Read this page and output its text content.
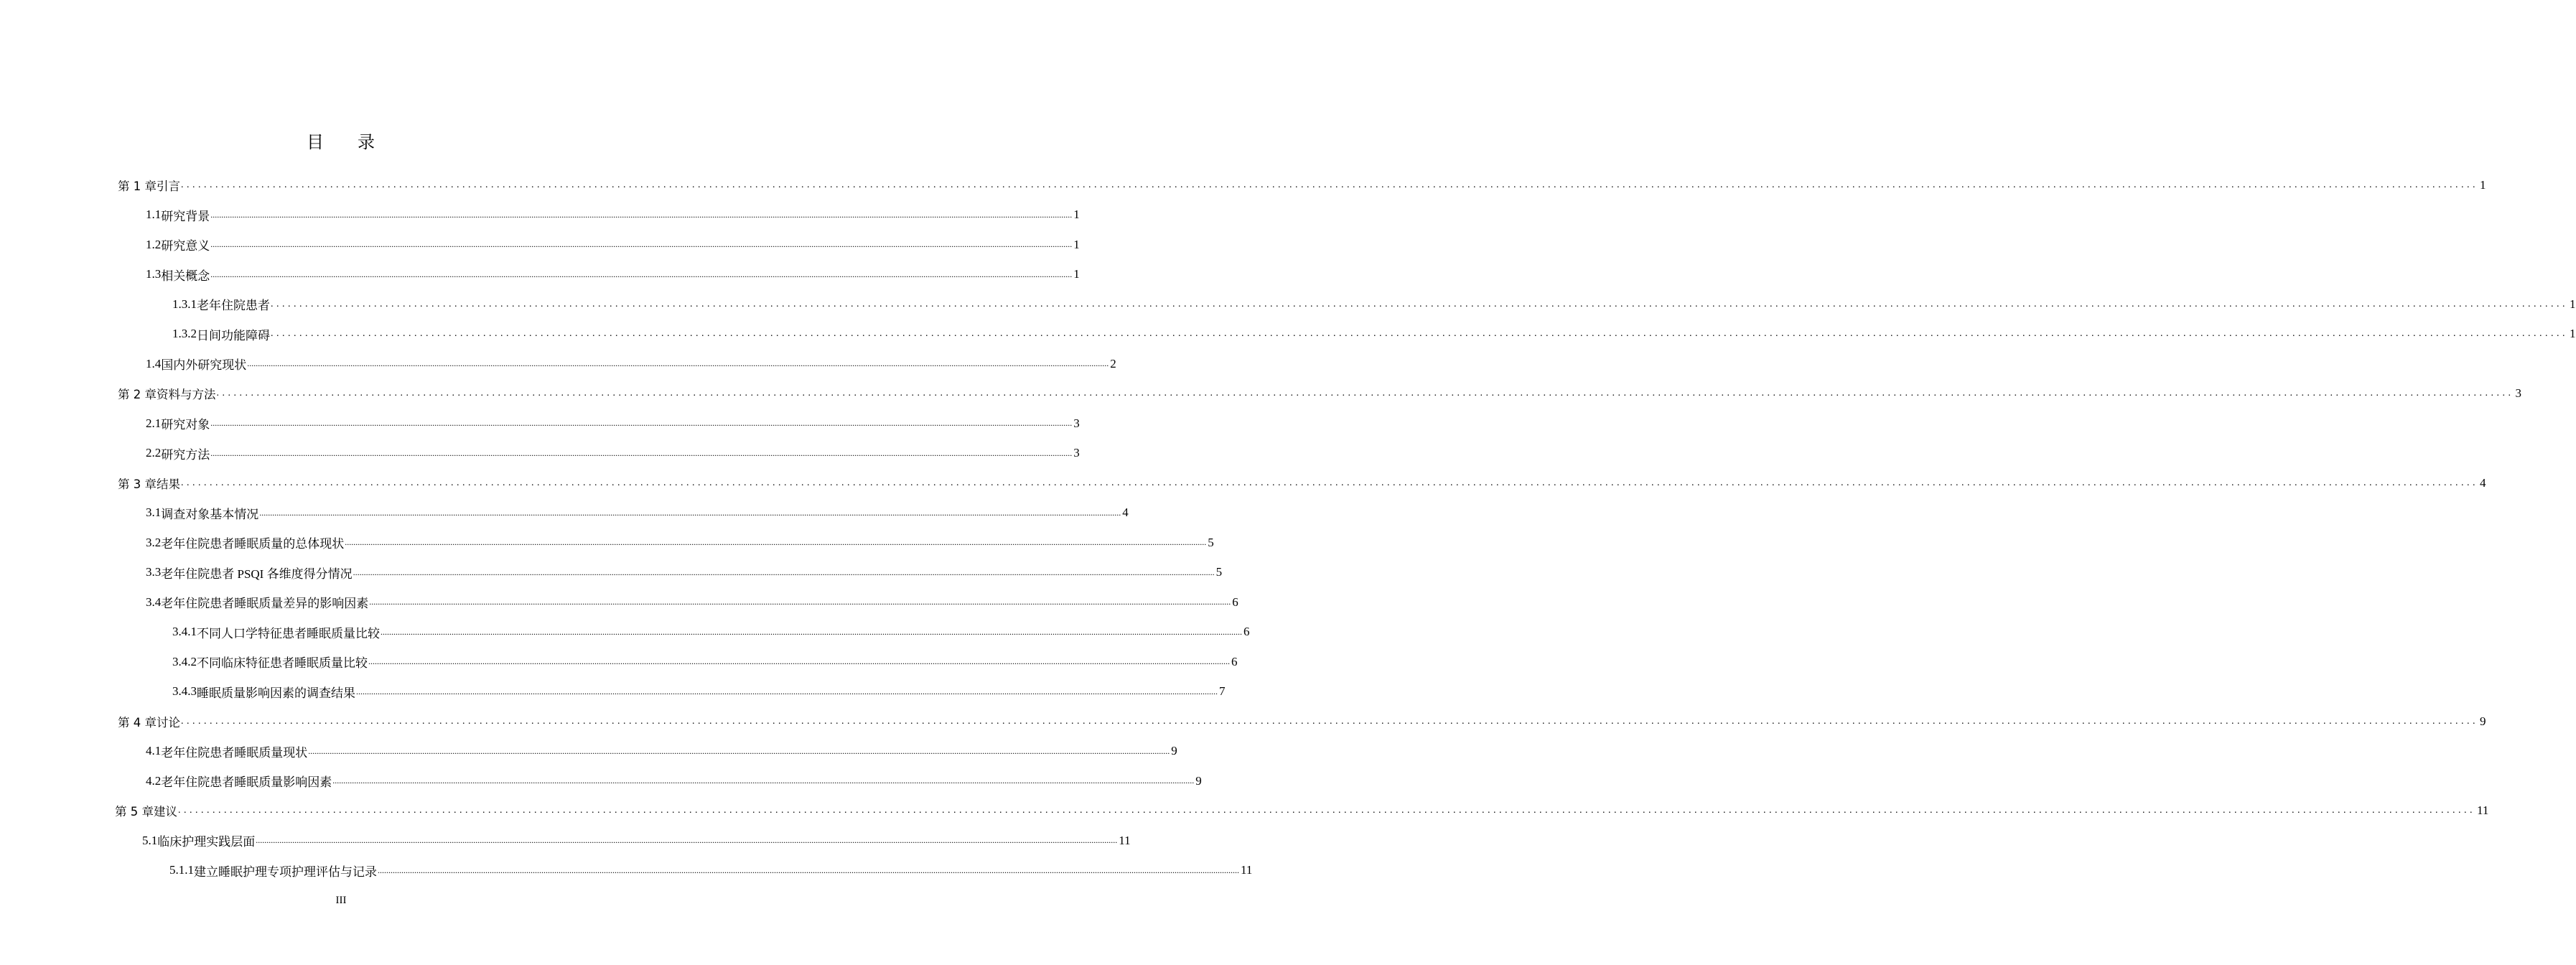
目 录
第 1 章 引言 ................................................................................................................................................................................................................................................................................................................................................................................................................ 1
1.1 研究背景 ................................................................................................................................................................................................................................................................................................................................................................................................................ 1
1.2 研究意义 ................................................................................................................................................................................................................................................................................................................................................................................................................ 1
1.3 相关概念 ................................................................................................................................................................................................................................................................................................................................................................................................................ 1
1.3.1 老年住院患者 ................................................................................................................................................................................................................................................................................................................................................................................................................ 1
1.3.2 日间功能障碍 ................................................................................................................................................................................................................................................................................................................................................................................................................ 1
1.4 国内外研究现状 ................................................................................................................................................................................................................................................................................................................................................................................................................ 2
第 2 章 资料与方法 ................................................................................................................................................................................................................................................................................................................................................................................................................ 3
2.1 研究对象 ................................................................................................................................................................................................................................................................................................................................................................................................................ 3
2.2 研究方法 ................................................................................................................................................................................................................................................................................................................................................................................................................ 3
第 3 章 结果 ................................................................................................................................................................................................................................................................................................................................................................................................................ 4
3.1 调查对象基本情况 ................................................................................................................................................................................................................................................................................................................................................................................................................ 4
3.2 老年住院患者睡眠质量的总体现状 ................................................................................................................................................................................................................................................................................................................................................................................................................ 5
3.3 老年住院患者 PSQI 各维度得分情况 ................................................................................................................................................................................................................................................................................................................................................................................................................ 5
3.4 老年住院患者睡眠质量差异的影响因素 ................................................................................................................................................................................................................................................................................................................................................................................................................ 6
3.4.1 不同人口学特征患者睡眠质量比较 ................................................................................................................................................................................................................................................................................................................................................................................................................ 6
3.4.2 不同临床特征患者睡眠质量比较 ................................................................................................................................................................................................................................................................................................................................................................................................................ 6
3.4.3 睡眠质量影响因素的调查结果 ................................................................................................................................................................................................................................................................................................................................................................................................................ 7
第 4 章 讨论 ................................................................................................................................................................................................................................................................................................................................................................................................................ 9
4.1 老年住院患者睡眠质量现状 ................................................................................................................................................................................................................................................................................................................................................................................................................ 9
4.2 老年住院患者睡眠质量影响因素 ................................................................................................................................................................................................................................................................................................................................................................................................................ 9
第 5 章 建议 ................................................................................................................................................................................................................................................................................................................................................................................................................ 11
5.1 临床护理实践层面 ................................................................................................................................................................................................................................................................................................................................................................................................................ 11
5.1.1 建立睡眠护理专项护理评估与记录 ................................................................................................................................................................................................................................................................................................................................................................................................................ 11
III
